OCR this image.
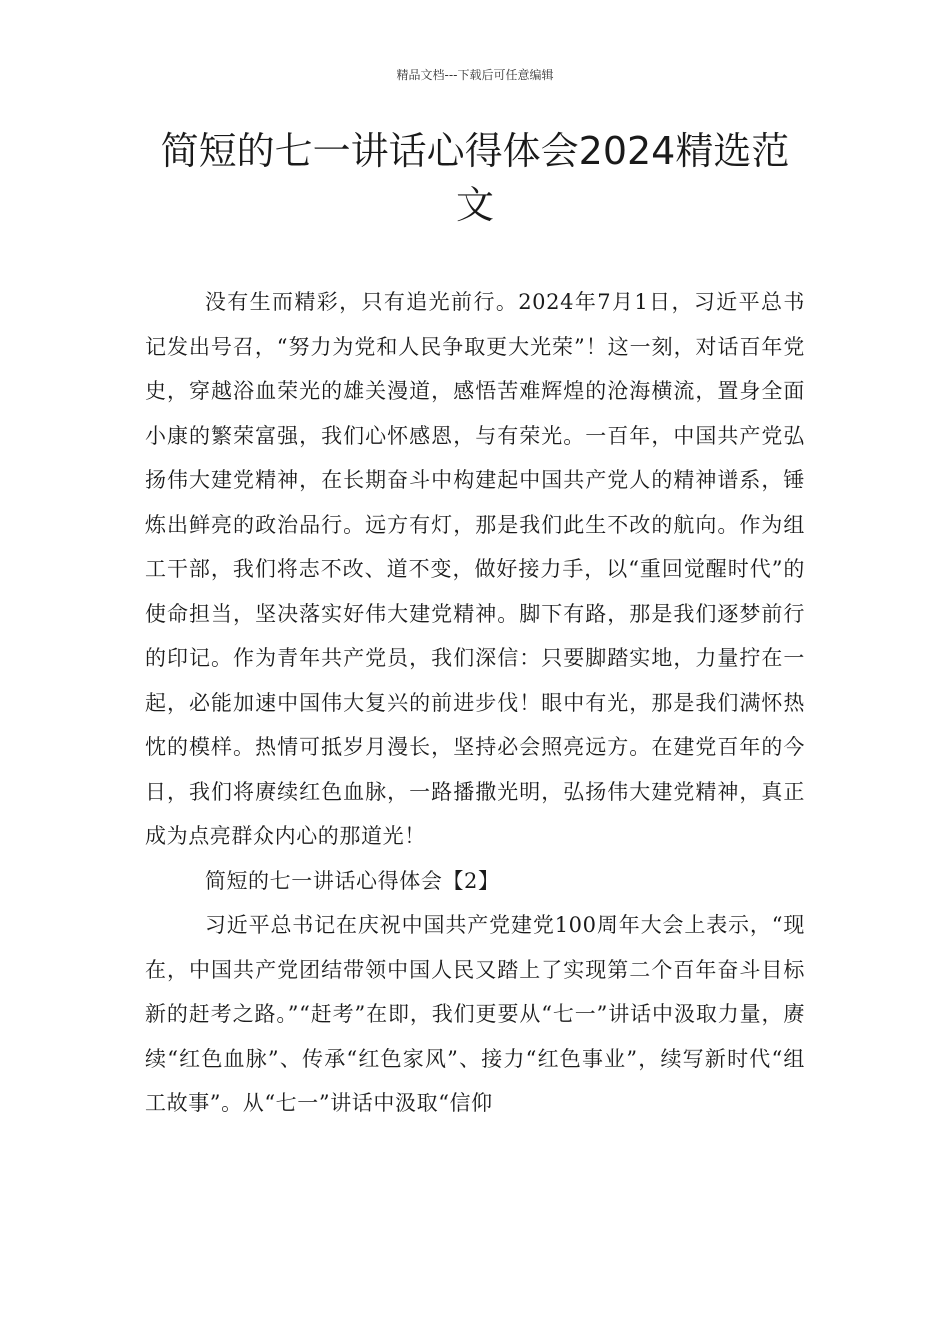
精品文档---下载后可任意编辑
简短的七一讲话心得体会2024精选范文

没有生而精彩，只有追光前行。2024年7月1日，习近平总书记发出号召，“努力为党和人民争取更大光荣”！这一刻，对话百年党史，穿越浴血荣光的雄关漫道，感悟苦难辉煌的沧海横流，置身全面小康的繁荣富强，我们心怀感恩，与有荣光。一百年，中国共产党弘扬伟大建党精神，在长期奋斗中构建起中国共产党人的精神谱系，锤炼出鲜亮的政治品行。远方有灯，那是我们此生不改的航向。作为组工干部，我们将志不改、道不变，做好接力手，以“重回觉醒时代”的使命担当，坚决落实好伟大建党精神。脚下有路，那是我们逐梦前行的印记。作为青年共产党员，我们深信：只要脚踏实地，力量拧在一起，必能加速中国伟大复兴的前进步伐！眼中有光，那是我们满怀热忱的模样。热情可抵岁月漫长，坚持必会照亮远方。在建党百年的今日，我们将赓续红色血脉，一路播撒光明，弘扬伟大建党精神，真正成为点亮群众内心的那道光！

简短的七一讲话心得体会【2】

习近平总书记在庆祝中国共产党建党100周年大会上表示，“现在，中国共产党团结带领中国人民又踏上了实现第二个百年奋斗目标新的赶考之路。”“赶考”在即，我们更要从“七一”讲话中汲取力量，赓续“红色血脉”、传承“红色家风”、接力“红色事业”，续写新时代“组工故事”。从“七一”讲话中汲取“信仰
